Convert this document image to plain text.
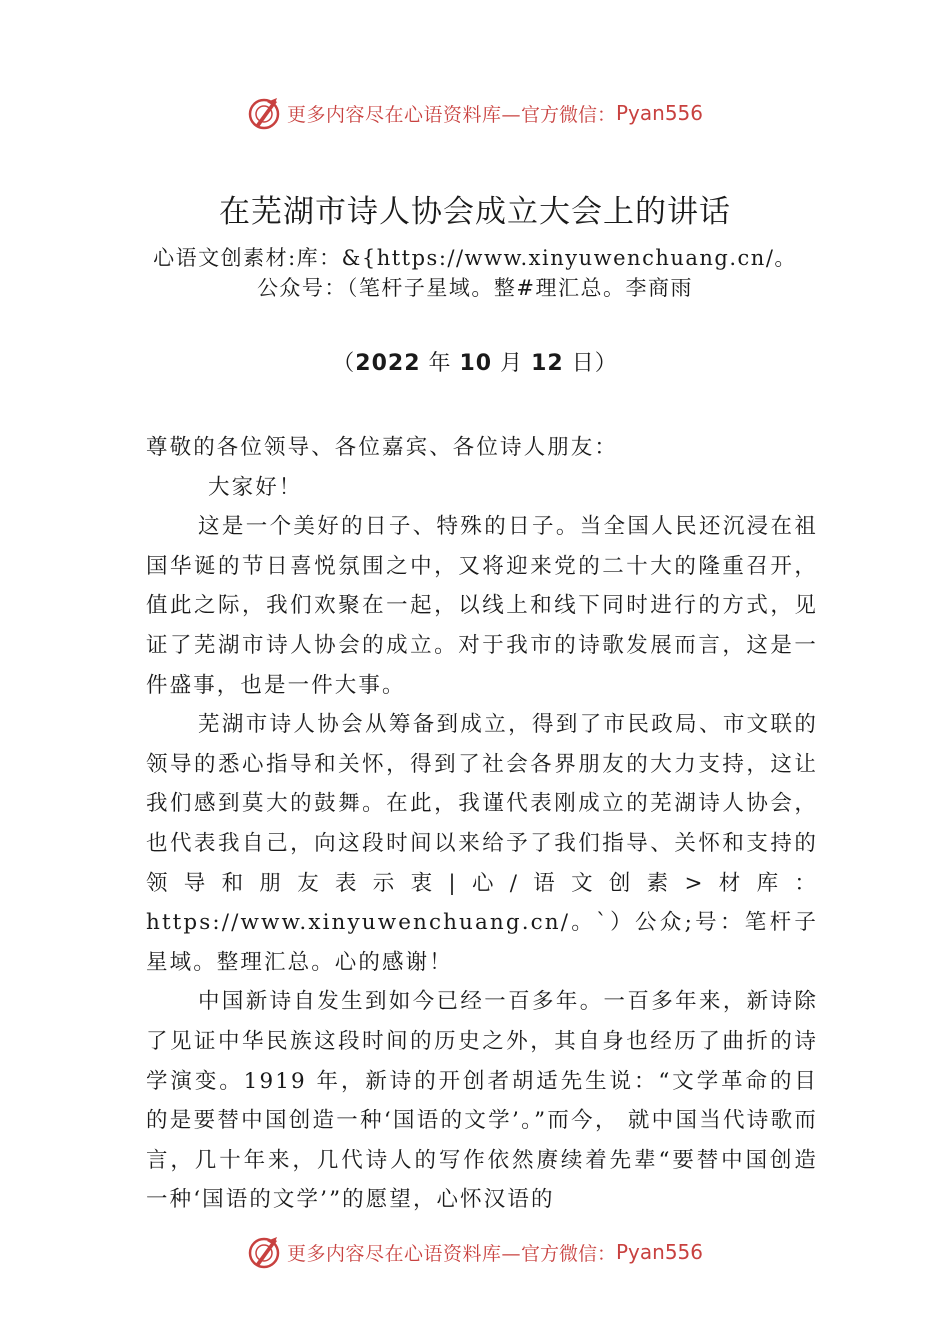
更多内容尽在心语资料库— 官方微信： Pyan556
在芜湖市诗人协会成立大会上的讲话
心语文创素材:库：&{https://www.xinyuwenchuang.cn/。公众号：（笔杆子星域。整#理汇总。李商雨
（2022 年 10 月 12 日）

尊敬的各位领导、各位嘉宾、各位诗人朋友：

大家好！

这是一个美好的日子、特殊的日子。当全国人民还沉浸在祖国华诞的节日喜悦氛围之中，又将迎来党的二十大的隆重召开，值此之际，我们欢聚在一起，以线上和线下同时进行的方式，见证了芜湖市诗人协会的成立。对于我市的诗歌发展而言，这是一件盛事，也是一件大事。

芜湖市诗人协会从筹备到成立，得到了市民政局、市文联的领导的悉心指导和关怀，得到了社会各界朋友的大力支持，这让我们感到莫大的鼓舞。在此，我谨代表刚成立的芜湖诗人协会，也代表我自己，向这段时间以来给予了我们指导、关怀和支持的领导和朋友表示衷|心/语文创素>材库：https://www.xinyuwenchuang.cn/。`）公众;号：笔杆子星域。整理汇总。心的感谢！

中国新诗自发生到如今已经一百多年。一百多年来，新诗除了见证中华民族这段时间的历史之外，其自身也经历了曲折的诗学演变。1919 年，新诗的开创者胡适先生说：“文学革命的目的是要替中国创造一种‘国语的文学’。”而今， 就中国当代诗歌而言，几十年来，几代诗人的写作依然赓续着先辈“要替中国创造一种‘国语的文学’”的愿望，心怀汉语的

更多内容尽在心语资料库— 官方微信： Pyan556
